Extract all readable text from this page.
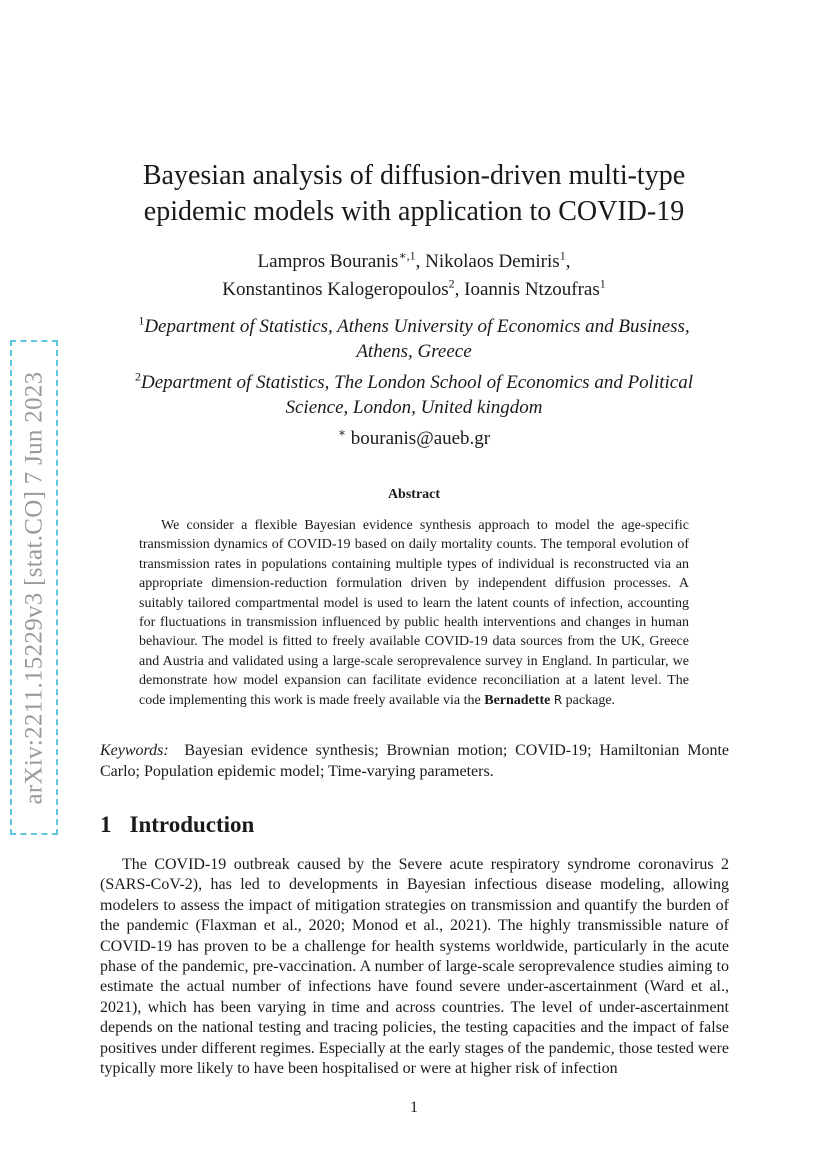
arXiv:2211.15229v3 [stat.CO] 7 Jun 2023
Bayesian analysis of diffusion-driven multi-type
epidemic models with application to COVID-19
Lampros Bouranis$^{∗,1}$, Nikolaos Demiris$^1$,
Konstantinos Kalogeropoulos$^2$, Ioannis Ntzoufras$^1$
$^1$Department of Statistics, Athens University of Economics and Business,
Athens, Greece
$^2$Department of Statistics, The London School of Economics and Political
Science, London, United kingdom
∗ bouranis@aueb.gr
Abstract

We consider a flexible Bayesian evidence synthesis approach to model the age-specific transmission dynamics of COVID-19 based on daily mortality counts. The temporal evolution of transmission rates in populations containing multiple types of individual is reconstructed via an appropriate dimension-reduction formulation driven by independent diffusion processes. A suitably tailored compartmental model is used to learn the latent counts of infection, accounting for fluctuations in transmission influenced by public health interventions and changes in human behaviour. The model is fitted to freely available COVID-19 data sources from the UK, Greece and Austria and validated using a large-scale seroprevalence survey in England. In particular, we demonstrate how model expansion can facilitate evidence reconciliation at a latent level. The code implementing this work is made freely available via the Bernadette R package.

Keywords: Bayesian evidence synthesis; Brownian motion; COVID-19; Hamiltonian Monte Carlo; Population epidemic model; Time-varying parameters.

1 Introduction

The COVID-19 outbreak caused by the Severe acute respiratory syndrome coronavirus 2 (SARS-CoV-2), has led to developments in Bayesian infectious disease modeling, allowing modelers to assess the impact of mitigation strategies on transmission and quantify the burden of the pandemic (Flaxman et al., 2020; Monod et al., 2021). The highly transmissible nature of COVID-19 has proven to be a challenge for health systems worldwide, particularly in the acute phase of the pandemic, pre-vaccination. A number of large-scale seroprevalence studies aiming to estimate the actual number of infections have found severe under-ascertainment (Ward et al., 2021), which has been varying in time and across countries. The level of under-ascertainment depends on the national testing and tracing policies, the testing capacities and the impact of false positives under different regimes. Especially at the early stages of the pandemic, those tested were typically more likely to have been hospitalised or were at higher risk of infection

1
